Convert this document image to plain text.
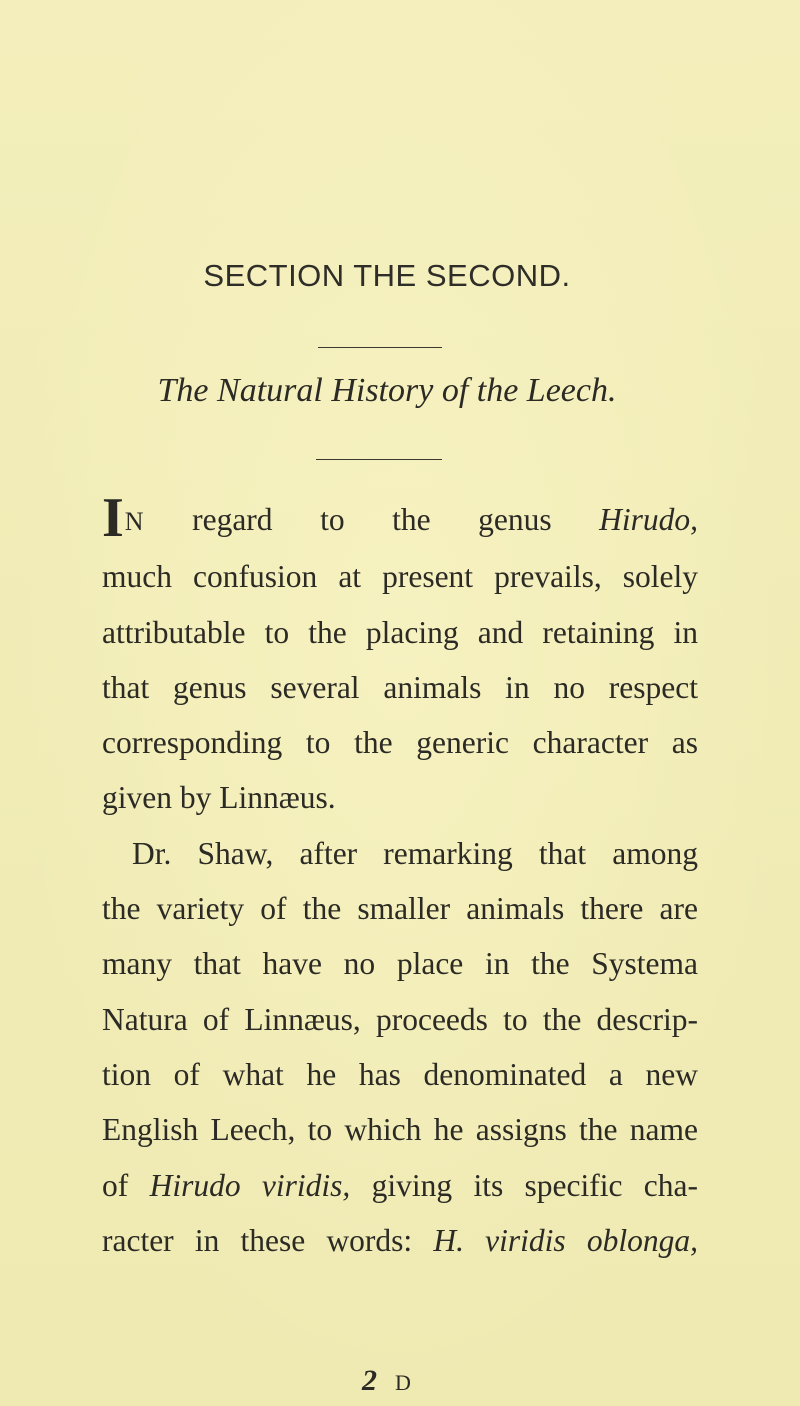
SECTION THE SECOND.
The Natural History of the Leech.
IN regard to the genus Hirudo,
much confusion at present prevails, solely
attributable to the placing and retaining in
that genus several animals in no respect
corresponding to the generic character as
given by Linnæus.
Dr. Shaw, after remarking that among
the variety of the smaller animals there are
many that have no place in the Systema
Natura of Linnæus, proceeds to the descrip-
tion of what he has denominated a new
English Leech, to which he assigns the name
of Hirudo viridis, giving its specific cha-
racter in these words: H. viridis oblonga,
2 D
